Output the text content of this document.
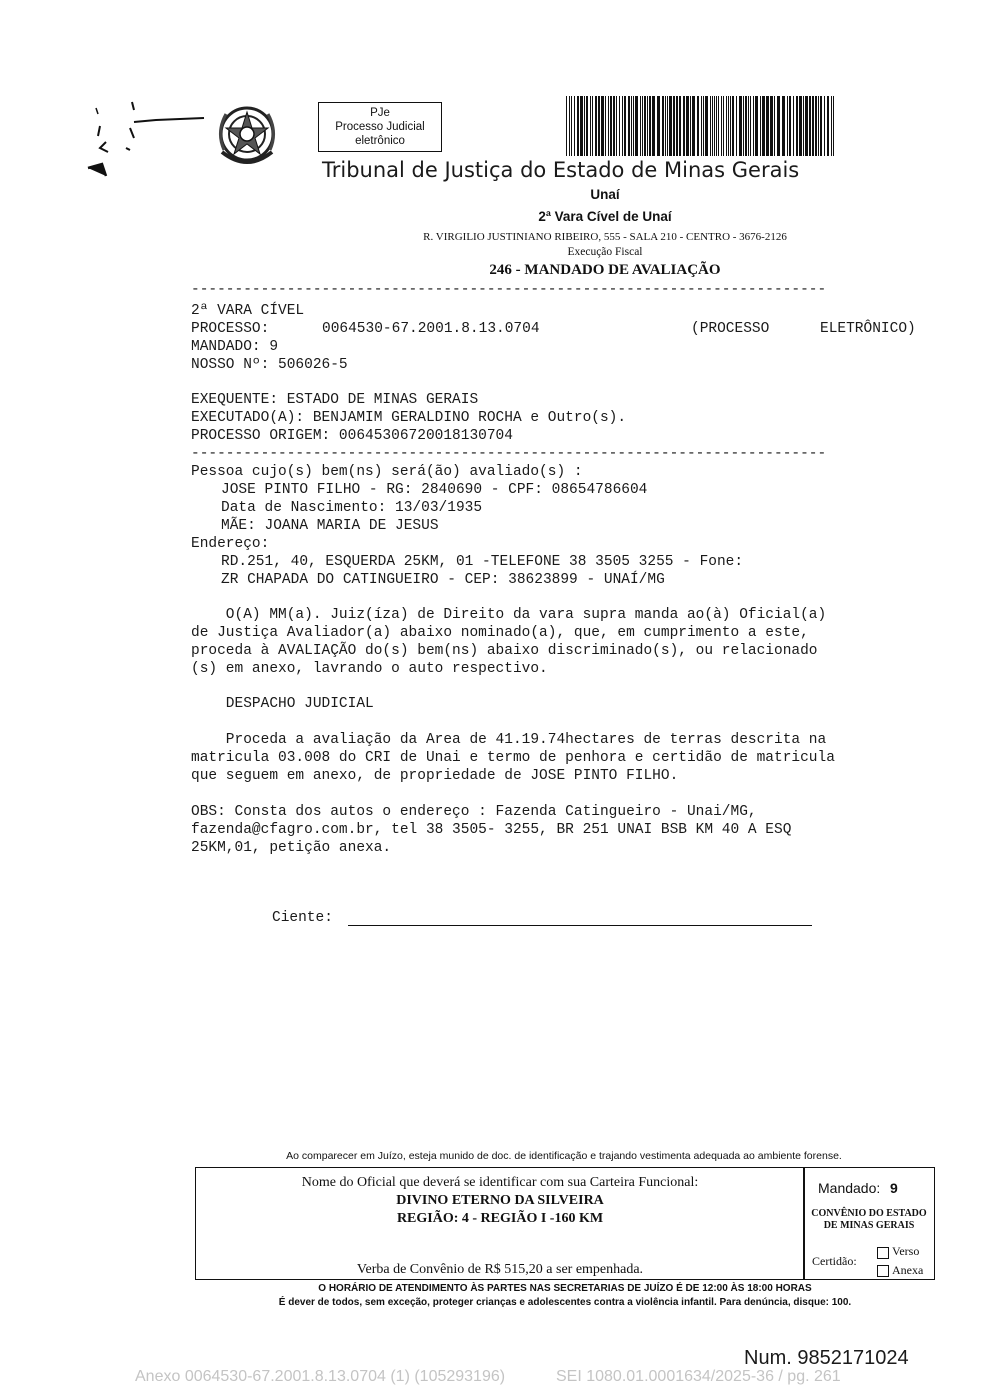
PJe
Processo Judicial
eletrônico
Tribunal de Justiça do Estado de Minas Gerais
Unaí
2ª Vara Cível de Unaí
R. VIRGILIO JUSTINIANO RIBEIRO, 555 - SALA 210 - CENTRO - 3676-2126
Execução Fiscal
246 - MANDADO DE AVALIAÇÃO
-------------------------------------------------------------------------
2ª VARA CÍVEL
PROCESSO:	0064530-67.2001.8.13.0704	(PROCESSO	ELETRÔNICO)
MANDADO: 9
NOSSO Nº: 506026-5
EXEQUENTE: ESTADO DE MINAS GERAIS
EXECUTADO(A): BENJAMIM GERALDINO ROCHA e Outro(s).
PROCESSO ORIGEM: 00645306720018130704
-------------------------------------------------------------------------
Pessoa cujo(s) bem(ns) será(ão) avaliado(s) :
JOSE PINTO FILHO - RG: 2840690 - CPF: 08654786604
Data de Nascimento: 13/03/1935
MÃE: JOANA MARIA DE JESUS
Endereço:
RD.251, 40, ESQUERDA 25KM, 01 -TELEFONE 38 3505 3255 - Fone:
ZR CHAPADA DO CATINGUEIRO - CEP: 38623899 - UNAÍ/MG
O(A) MM(a). Juiz(íza) de Direito da vara supra manda ao(à) Oficial(a)
de Justiça Avaliador(a) abaixo nominado(a), que, em cumprimento a este,
proceda à AVALIAÇÃO do(s) bem(ns) abaixo discriminado(s), ou relacionado
(s) em anexo, lavrando o auto respectivo.
DESPACHO JUDICIAL
Proceda a avaliação da Area de 41.19.74hectares de terras descrita na
matricula 03.008 do CRI de Unai e termo de penhora e certidão de matricula
que seguem em anexo, de propriedade de JOSE PINTO FILHO.
OBS: Consta dos autos o endereço : Fazenda Catingueiro - Unai/MG,
fazenda@cfagro.com.br, tel 38 3505- 3255, BR 251 UNAI BSB KM 40 A ESQ
25KM,01, petição anexa.
Ciente:
Ao comparecer em Juízo, esteja munido de doc. de identificação e trajando vestimenta adequada ao ambiente forense.
Nome do Oficial que deverá se identificar com sua Carteira Funcional:
DIVINO ETERNO DA SILVEIRA
REGIÃO: 4 - REGIÃO I -160 KM
Verba de Convênio de R$ 515,20 a ser empenhada.
Mandado: 9
CONVÊNIO DO ESTADO DE MINAS GERAIS
Certidão:
Verso
Anexa
O HORÁRIO DE ATENDIMENTO ÀS PARTES NAS SECRETARIAS DE JUÍZO É DE 12:00 ÀS 18:00 HORAS
É dever de todos, sem exceção, proteger crianças e adolescentes contra a violência infantil. Para denúncia, disque: 100.
Num. 9852171024
Anexo 0064530-67.2001.8.13.0704 (1) (105293196)	SEI 1080.01.0001634/2025-36 / pg. 261
